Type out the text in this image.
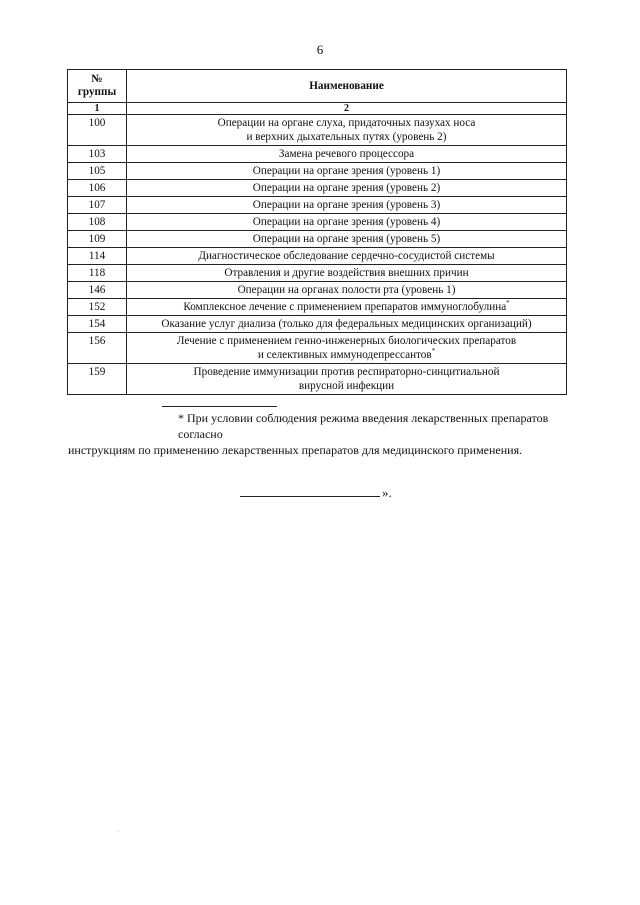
6
№
группы	Наименование
1	2
100	Операции на органе слуха, придаточных пазухах носа
и верхних дыхательных путях (уровень 2)
103	Замена речевого процессора
105	Операции на органе зрения (уровень 1)
106	Операции на органе зрения (уровень 2)
107	Операции на органе зрения (уровень 3)
108	Операции на органе зрения (уровень 4)
109	Операции на органе зрения (уровень 5)
114	Диагностическое обследование сердечно-сосудистой системы
118	Отравления и другие воздействия внешних причин
146	Операции на органах полости рта (уровень 1)
152	Комплексное лечение с применением препаратов иммуноглобулина*
154	Оказание услуг диализа (только для федеральных медицинских организаций)
156	Лечение с применением генно-инженерных биологических препаратов
и селективных иммунодепрессантов*
159	Проведение иммунизации против респираторно-синцитиальной
вирусной инфекции
* При условии соблюдения режима введения лекарственных препаратов согласно
инструкциям по применению лекарственных препаратов для медицинского применения.
».
.
